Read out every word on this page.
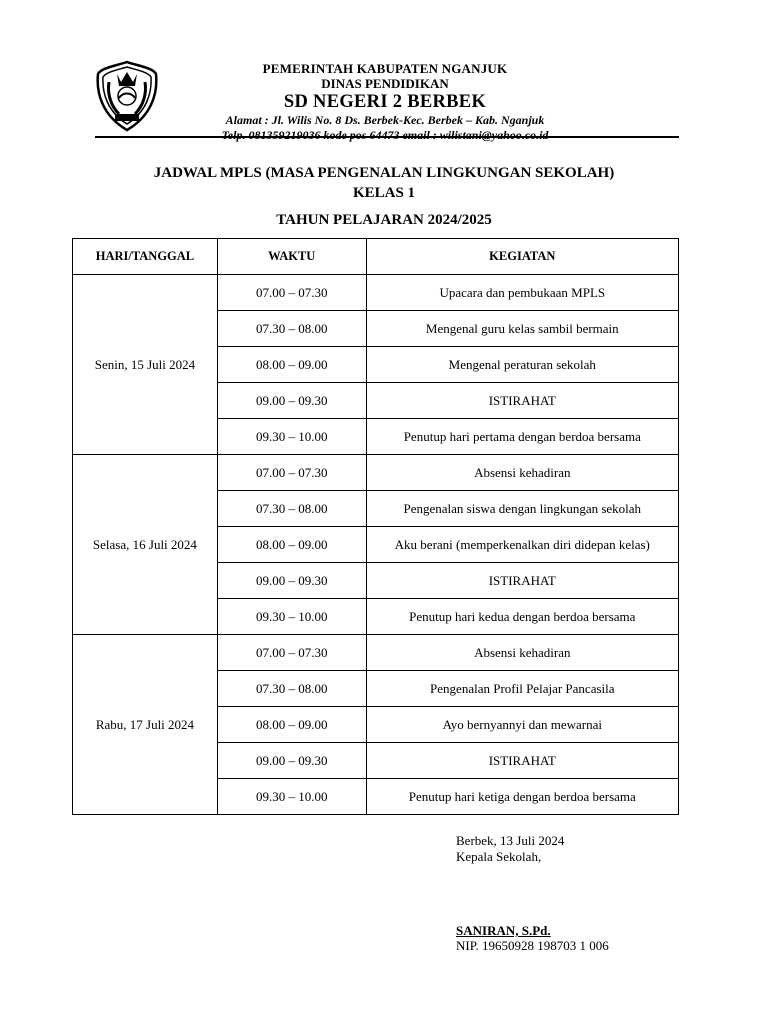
PEMERINTAH KABUPATEN NGANJUK
DINAS PENDIDIKAN
SD NEGERI 2 BERBEK
Alamat : Jl. Wilis No. 8 Ds. Berbek-Kec. Berbek – Kab. Nganjuk
Telp. 081359219036 kode pos 64473 email : wilistani@yahoo.co.id
JADWAL MPLS (MASA PENGENALAN LINGKUNGAN SEKOLAH)
KELAS 1
TAHUN PELAJARAN 2024/2025
HARI/TANGGAL	WAKTU	KEGIATAN
Senin, 15 Juli 2024	07.00 – 07.30	Upacara dan pembukaan MPLS
	07.30 – 08.00	Mengenal guru kelas sambil bermain
	08.00 – 09.00	Mengenal peraturan sekolah
	09.00 – 09.30	ISTIRAHAT
	09.30 – 10.00	Penutup hari pertama dengan berdoa bersama
Selasa, 16 Juli 2024	07.00 – 07.30	Absensi kehadiran
	07.30 – 08.00	Pengenalan siswa dengan lingkungan sekolah
	08.00 – 09.00	Aku berani (memperkenalkan diri didepan kelas)
	09.00 – 09.30	ISTIRAHAT
	09.30 – 10.00	Penutup hari kedua dengan berdoa bersama
Rabu, 17 Juli 2024	07.00 – 07.30	Absensi kehadiran
	07.30 – 08.00	Pengenalan Profil Pelajar Pancasila
	08.00 – 09.00	Ayo bernyannyi dan mewarnai
	09.00 – 09.30	ISTIRAHAT
	09.30 – 10.00	Penutup hari ketiga dengan berdoa bersama
Berbek, 13 Juli 2024
Kepala Sekolah,
SANIRAN, S.Pd.
NIP. 19650928 198703 1 006
